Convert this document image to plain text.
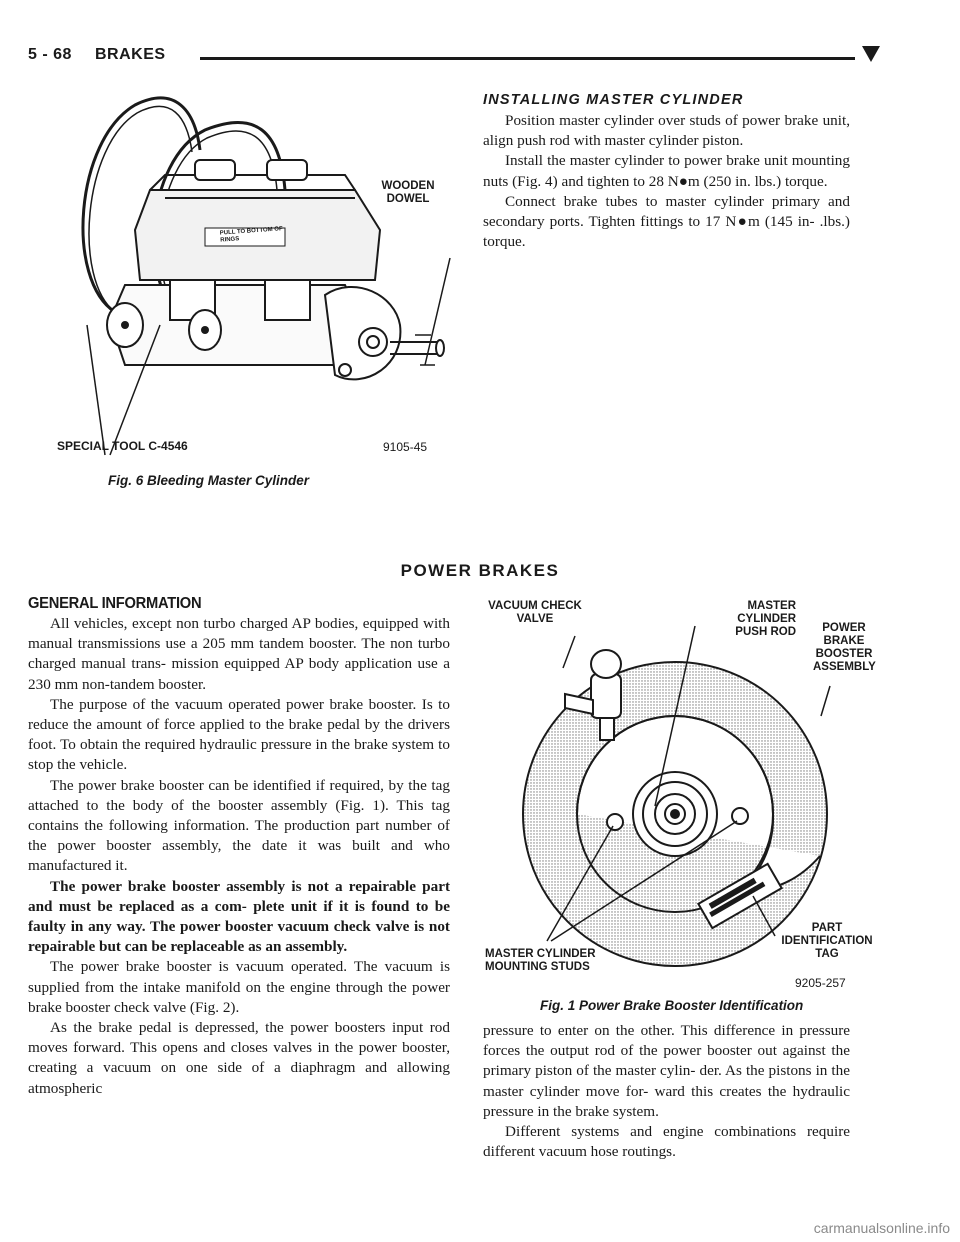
5 - 68 BRAKES
WOODEN DOWEL
PULL TO BOTTOM OF RINGS
SPECIAL TOOL C-4546	9105-45
Fig. 6 Bleeding Master Cylinder
INSTALLING MASTER CYLINDER

Position master cylinder over studs of power brake unit, align push rod with master cylinder piston.

Install the master cylinder to power brake unit mounting nuts (Fig. 4) and tighten to 28 N●m (250 in. lbs.) torque.

Connect brake tubes to master cylinder primary and secondary ports. Tighten fittings to 17 N●m (145 in- .lbs.) torque.

POWER BRAKES
GENERAL INFORMATION

All vehicles, except non turbo charged AP bodies, equipped with manual transmissions use a 205 mm tandem booster. The non turbo charged manual trans- mission equipped AP body application use a 230 mm non-tandem booster.

The purpose of the vacuum operated power brake booster. Is to reduce the amount of force applied to the brake pedal by the drivers foot. To obtain the required hydraulic pressure in the brake system to stop the vehicle.

The power brake booster can be identified if required, by the tag attached to the body of the booster assembly (Fig. 1). This tag contains the following information. The production part number of the power booster assembly, the date it was built and who manufactured it.

The power brake booster assembly is not a repairable part and must be replaced as a com- plete unit if it is found to be faulty in any way. The power booster vacuum check valve is not repairable but can be replaceable as an assembly.

The power brake booster is vacuum operated. The vacuum is supplied from the intake manifold on the engine through the power brake booster check valve (Fig. 2).

As the brake pedal is depressed, the power boosters input rod moves forward. This opens and closes valves in the power booster, creating a vacuum on one side of a diaphragm and allowing atmospheric

VACUUM CHECK
VALVE
MASTER CYLINDER
PUSH ROD	POWER
BRAKE
BOOSTER
ASSEMBLY
MASTER CYLINDER
MOUNTING STUDS
PART
IDENTIFICATION
TAG
9205-257
Fig. 1 Power Brake Booster Identification

pressure to enter on the other. This difference in pressure forces the output rod of the power booster out against the primary piston of the master cylin- der. As the pistons in the master cylinder move for- ward this creates the hydraulic pressure in the brake system.

Different systems and engine combinations require different vacuum hose routings.

carmanualsonline.info
